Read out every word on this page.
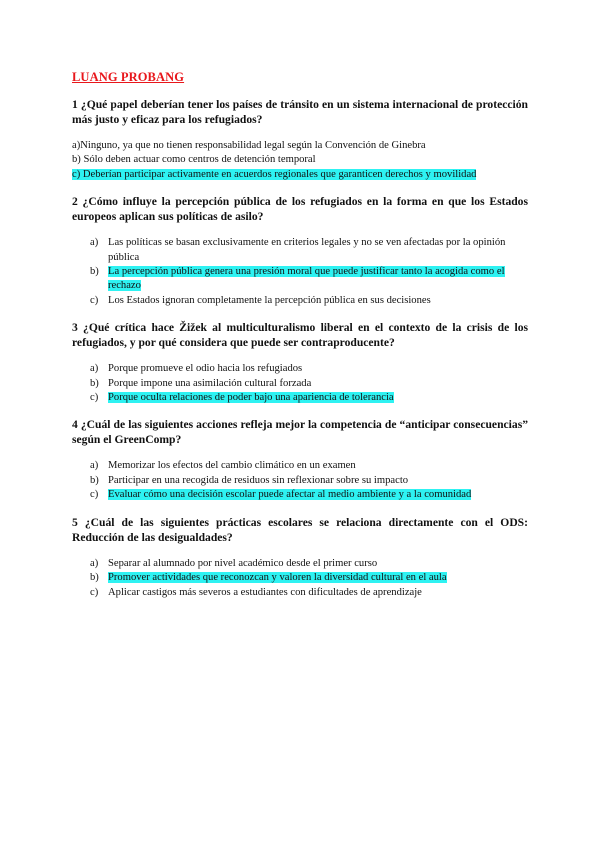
LUANG PROBANG
1 ¿Qué papel deberían tener los países de tránsito en un sistema internacional de protección más justo y eficaz para los refugiados?
a)Ninguno, ya que no tienen responsabilidad legal según la Convención de Ginebra
b) Sólo deben actuar como centros de detención temporal
c) Deberían participar activamente en acuerdos regionales que garanticen derechos y movilidad
2 ¿Cómo influye la percepción pública de los refugiados en la forma en que los Estados europeos aplican sus políticas de asilo?
a) Las políticas se basan exclusivamente en criterios legales y no se ven afectadas por la opinión pública
b) La percepción pública genera una presión moral que puede justificar tanto la acogida como el rechazo
c) Los Estados ignoran completamente la percepción pública en sus decisiones
3 ¿Qué crítica hace Žižek al multiculturalismo liberal en el contexto de la crisis de los refugiados, y por qué considera que puede ser contraproducente?
a) Porque promueve el odio hacia los refugiados
b) Porque impone una asimilación cultural forzada
c) Porque oculta relaciones de poder bajo una apariencia de tolerancia
4 ¿Cuál de las siguientes acciones refleja mejor la competencia de “anticipar consecuencias” según el GreenComp?
a) Memorizar los efectos del cambio climático en un examen
b) Participar en una recogida de residuos sin reflexionar sobre su impacto
c) Evaluar cómo una decisión escolar puede afectar al medio ambiente y a la comunidad
5 ¿Cuál de las siguientes prácticas escolares se relaciona directamente con el ODS: Reducción de las desigualdades?
a) Separar al alumnado por nivel académico desde el primer curso
b) Promover actividades que reconozcan y valoren la diversidad cultural en el aula
c) Aplicar castigos más severos a estudiantes con dificultades de aprendizaje
